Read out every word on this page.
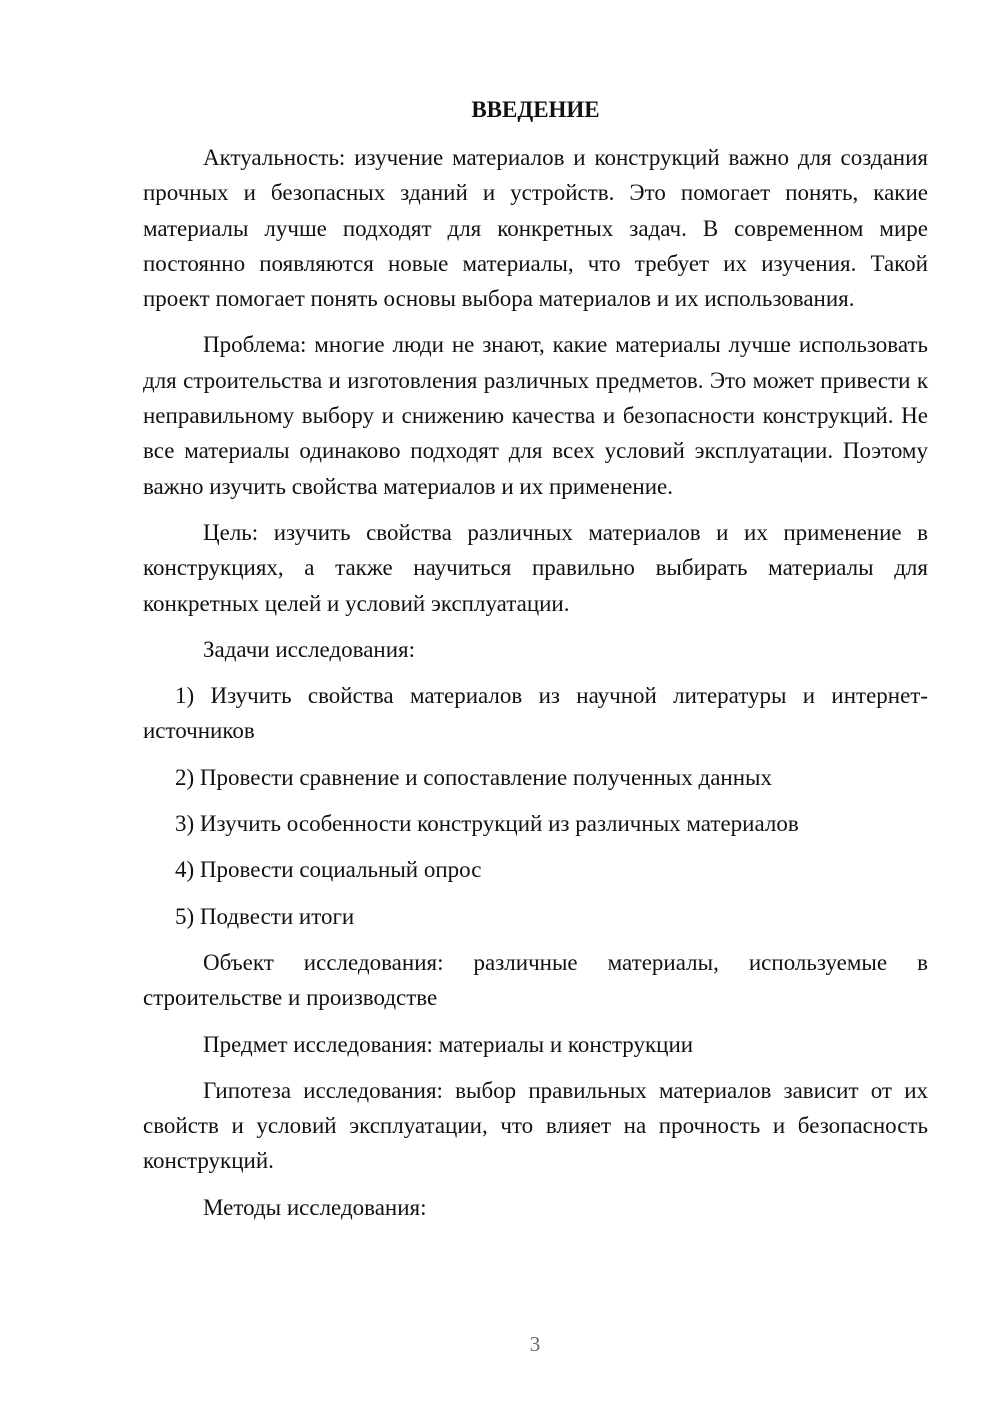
ВВЕДЕНИЕ

Актуальность: изучение материалов и конструкций важно для создания прочных и безопасных зданий и устройств. Это помогает понять, какие материалы лучше подходят для конкретных задач. В современном мире постоянно появляются новые материалы, что требует их изучения. Такой проект помогает понять основы выбора материалов и их использования.

Проблема: многие люди не знают, какие материалы лучше использовать для строительства и изготовления различных предметов. Это может привести к неправильному выбору и снижению качества и безопасности конструкций. Не все материалы одинаково подходят для всех условий эксплуатации. Поэтому важно изучить свойства материалов и их применение.

Цель: изучить свойства различных материалов и их применение в конструкциях, а также научиться правильно выбирать материалы для конкретных целей и условий эксплуатации.

Задачи исследования:

1) Изучить свойства материалов из научной литературы и интернет-источников

2) Провести сравнение и сопоставление полученных данных

3) Изучить особенности конструкций из различных материалов

4) Провести социальный опрос

5) Подвести итоги

Объект исследования: различные материалы, используемые в строительстве и производстве

Предмет исследования: материалы и конструкции

Гипотеза исследования: выбор правильных материалов зависит от их свойств и условий эксплуатации, что влияет на прочность и безопасность конструкций.

Методы исследования:

3
